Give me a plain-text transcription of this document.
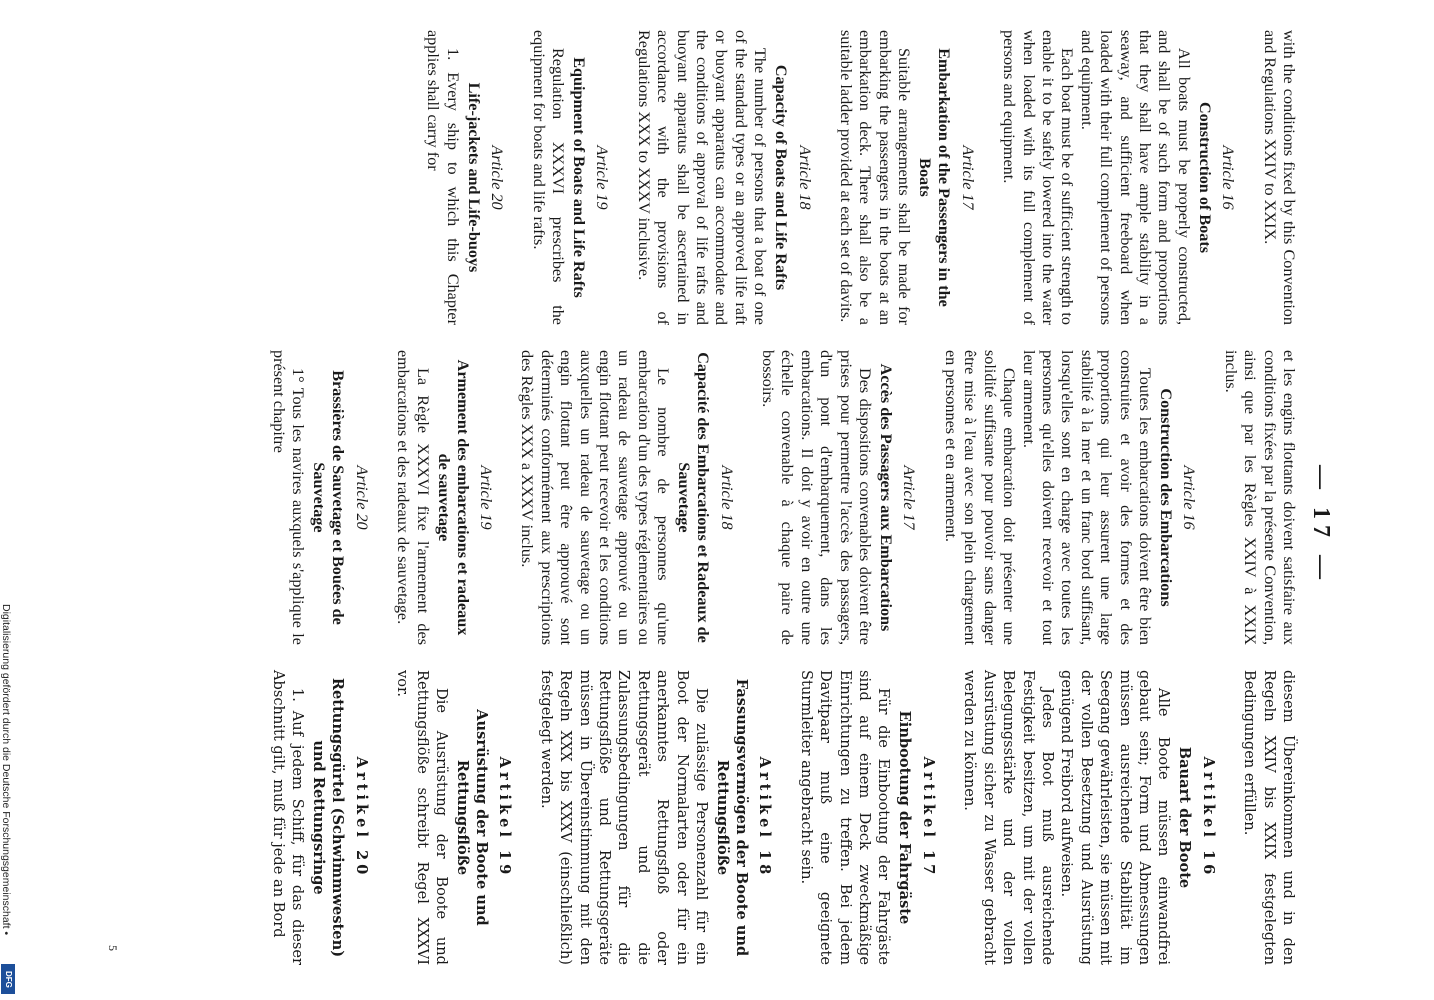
Digitalisierung gefördert durch die Deutsche Forschungsgemeinschaft •
DFG
— 17 —

with the conditions fixed by this Convention and Regulations XXIV to XXIX.

Article 16
Construction of Boats

All boats must be properly constructed, and shall be of such form and proportions that they shall have ample stability in a seaway, and sufficient freeboard when loaded with their full complement of persons and equipment.

Each boat must be of sufficient strength to enable it to be safely lowered into the water when loaded with its full complement of persons and equipment.

Article 17
Embarkation of the Passengers in the Boats

Suitable arrangements shall be made for embarking the passengers in the boats at an embarkation deck. There shall also be a suitable ladder provided at each set of davits.

Article 18
Capacity of Boats and Life Rafts

The number of persons that a boat of one of the standard types or an approved life raft or buoyant apparatus can accommodate and the conditions of approval of life rafts and buoyant apparatus shall be ascertained in accordance with the provisions of Regulations XXX to XXXV inclusive.

Article 19
Equipment of Boats and Life Rafts

Regulation XXXVI prescribes the equipment for boats and life rafts.

Article 20
Life-jackets and Life-buoys

1. Every ship to which this Chapter applies shall carry for

et les engins flottants doivent satisfaire aux conditions fixées par la présente Convention, ainsi que par les Règles XXIV à XXIX inclus.

Article 16
Construction des Embarcations

Toutes les embarcations doivent être bien construites et avoir des formes et des proportions qui leur assurent une large stabilité à la mer et un franc bord suffisant, lorsqu'elles sont en charge avec toutes les personnes qu'elles doivent recevoir et tout leur armement.

Chaque embarcation doit présenter une solidité suffisante pour pouvoir sans danger être mise à l'eau avec son plein chargement en personnes et en armement.

Article 17
Accès des Passagers aux Embarcations

Des dispositions convenables doivent être prises pour permettre l'accès des passagers, d'un pont d'embarquement, dans les embarcations. Il doit y avoir en outre une échelle convenable à chaque paire de bossoirs.

Article 18
Capacité des Embarcations et Radeaux de Sauvetage

Le nombre de personnes qu'une embarcation d'un des types réglementaires ou un radeau de sauvetage approuvé ou un engin flottant peut recevoir et les conditions auxquelles un radeau de sauvetage ou un engin flottant peut être approuvé sont déterminés conformément aux prescriptions des Règles XXX a XXXV inclus.

Article 19
Armement des embarcations et radeaux de sauvetage

La Règle XXXVI fixe l'armement des embarcations et des radeaux de sauvetage.

Article 20
Brassières de Sauvetage et Bouées de Sauvetage

1° Tous les navires auxquels s'applique le présent chapitre

diesem Übereinkommen und in den Regeln XXIV bis XXIX festgelegten Bedingungen erfüllen.

Artikel 16
Bauart der Boote

Alle Boote müssen einwandfrei gebaut sein; Form und Abmessungen müssen ausreichende Stabilität im Seegang gewährleisten, sie müssen mit der vollen Besetzung und Ausrüstung genügend Freibord aufweisen.

Jedes Boot muß ausreichende Festigkeit besitzen, um mit der vollen Belegungsstärke und der vollen Ausrüstung sicher zu Wasser gebracht werden zu können.

Artikel 17
Einbootung der Fahrgäste

Für die Einbootung der Fahrgäste sind auf einem Deck zweckmäßige Einrichtungen zu treffen. Bei jedem Davitpaar muß eine geeignete Sturmleiter angebracht sein.

Artikel 18
Fassungsvermögen der Boote und Rettungsflöße

Die zulässige Personenzahl für ein Boot der Normalarten oder für ein anerkanntes Rettungsfloß oder Rettungsgerät und die Zulassungsbedingungen für die Rettungsflöße und Rettungsgeräte müssen in Übereinstimmung mit den Regeln XXX bis XXXV (einschließlich) festgelegt werden.

Artikel 19
Ausrüstung der Boote und Rettungsflöße

Die Ausrüstung der Boote und Rettungsflöße schreibt Regel XXXVI vor.

Artikel 20
Rettungsgürtel (Schwimmwesten) und Rettungsringe

1. Auf jedem Schiff, für das dieser Abschnitt gilt, muß für jede an Bord

5
